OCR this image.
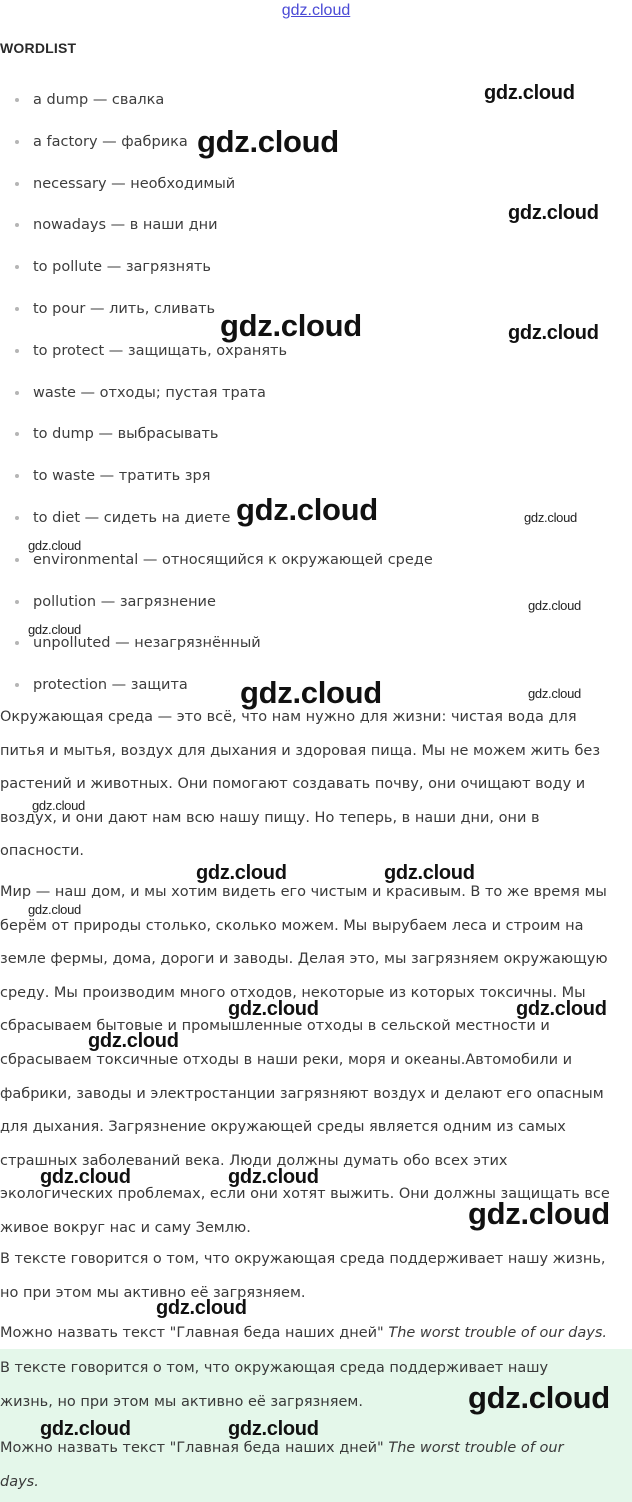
gdz.cloud
WORDLIST
a dump — свалка
a factory — фабрика
necessary — необходимый
nowadays — в наши дни
to pollute — загрязнять
to pour — лить, сливать
to protect — защищать, охранять
waste — отходы; пустая трата
to dump — выбрасывать
to waste — тратить зря
to diet — сидеть на диете
environmental — относящийся к окружающей среде
pollution — загрязнение
unpolluted — незагрязнённый
protection — защита
Окружающая среда — это всё, что нам нужно для жизни: чистая вода для
питья и мытья, воздух для дыхания и здоровая пища. Мы не можем жить без
растений и животных. Они помогают создавать почву, они очищают воду и
воздух, и они дают нам всю нашу пищу. Но теперь, в наши дни, они в
опасности.
Мир — наш дом, и мы хотим видеть его чистым и красивым. В то же время мы
берём от природы столько, сколько можем. Мы вырубаем леса и строим на
земле фермы, дома, дороги и заводы. Делая это, мы загрязняем окружающую
среду. Мы производим много отходов, некоторые из которых токсичны. Мы
сбрасываем бытовые и промышленные отходы в сельской местности и
сбрасываем токсичные отходы в наши реки, моря и океаны.Автомобили и
фабрики, заводы и электростанции загрязняют воздух и делают его опасным
для дыхания. Загрязнение окружающей среды является одним из самых
страшных заболеваний века. Люди должны думать обо всех этих
экологических проблемах, если они хотят выжить. Они должны защищать все
живое вокруг нас и саму Землю.
В тексте говорится о том, что окружающая среда поддерживает нашу жизнь,
но при этом мы активно её загрязняем.
Можно назвать текст "Главная беда наших дней" The worst trouble of our days.
В тексте говорится о том, что окружающая среда поддерживает нашу
жизнь, но при этом мы активно её загрязняем.
Можно назвать текст "Главная беда наших дней" The worst trouble of our
days.
gdz.cloud
gdz.cloud
gdz.cloud
gdz.cloud	gdz.cloud
gdz.cloud	gdz.cloud
gdz.cloud
gdz.cloud
gdz.cloud
gdz.cloud	gdz.cloud
gdz.cloud
gdz.cloud	gdz.cloud
gdz.cloud
gdz.cloud	gdz.cloud
gdz.cloud
gdz.cloud	gdz.cloud
gdz.cloud
gdz.cloud
gdz.cloud
gdz.cloud	gdz.cloud
